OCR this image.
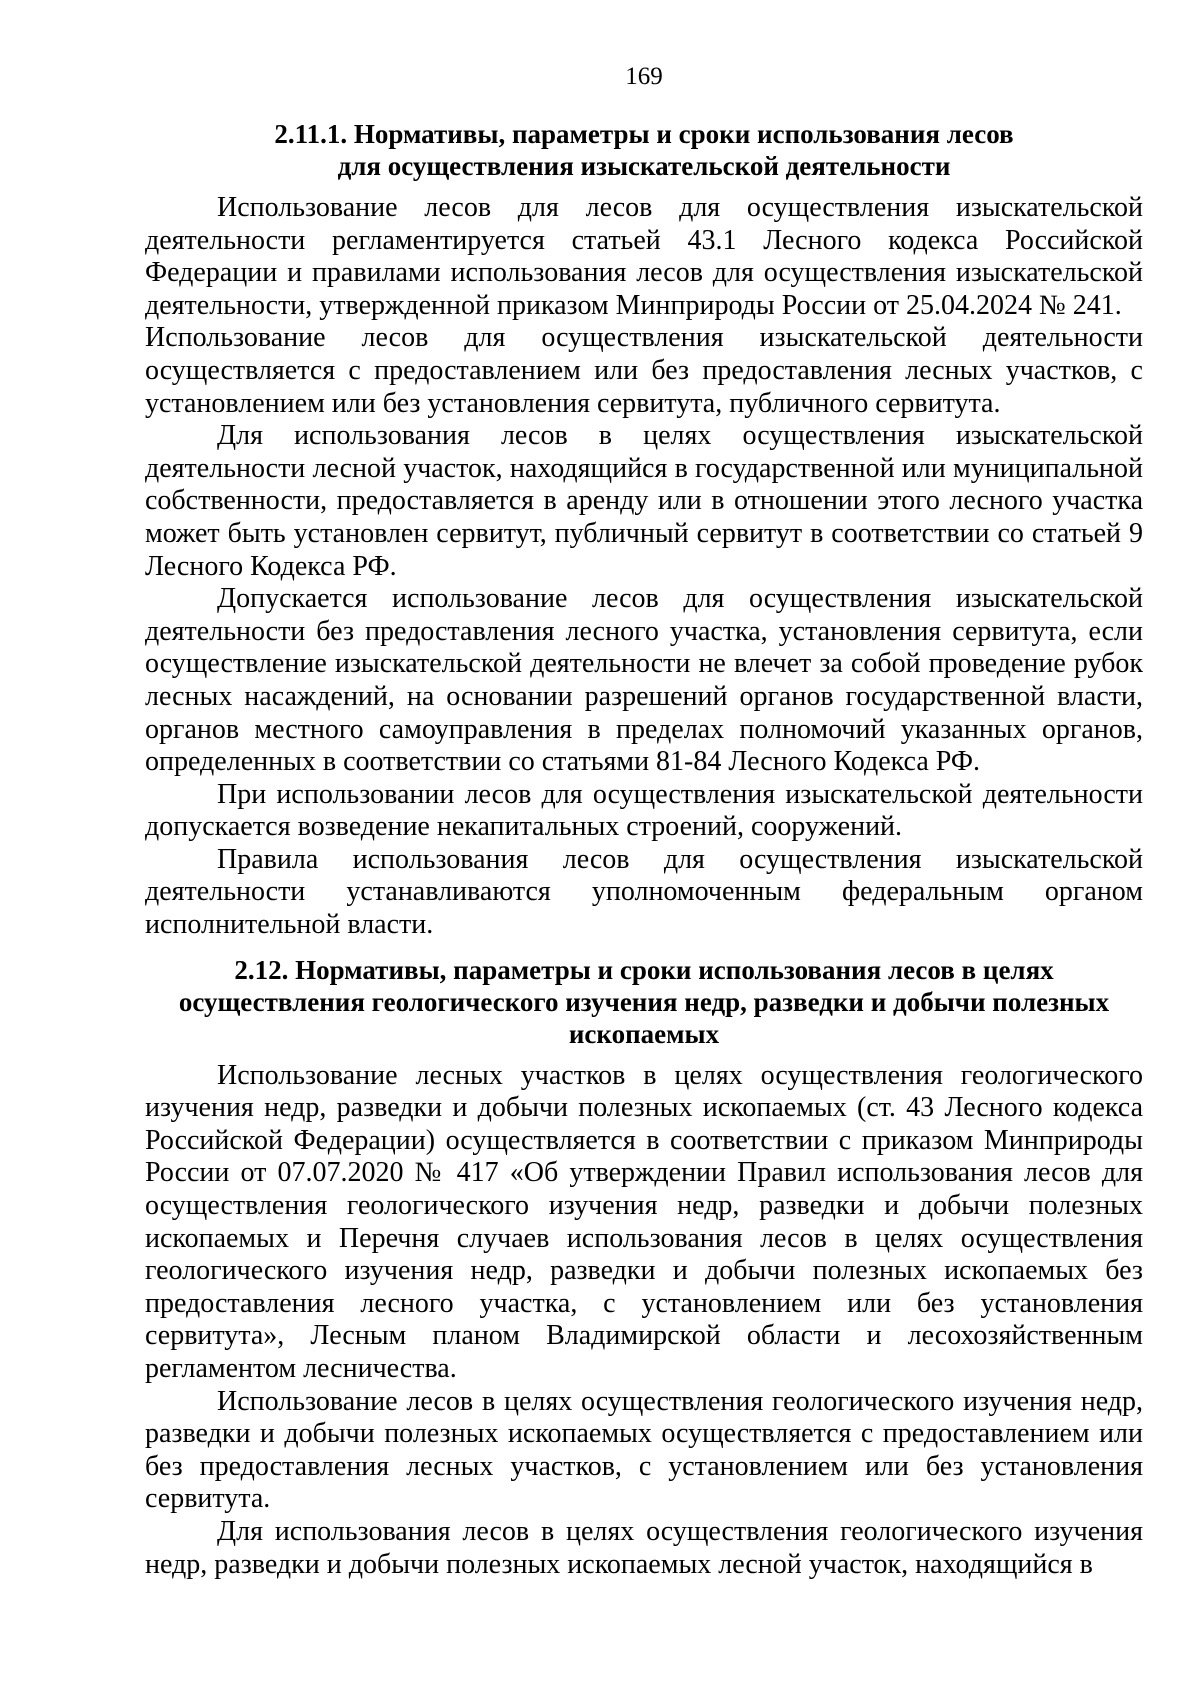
169
2.11.1. Нормативы, параметры и сроки использования лесов
для осуществления изыскательской деятельности

Использование лесов для лесов для осуществления изыскательской деятельности регламентируется статьей 43.1 Лесного кодекса Российской Федерации и правилами использования лесов для осуществления изыскательской деятельности, утвержденной приказом Минприроды России от 25.04.2024 № 241.

Использование лесов для осуществления изыскательской деятельности осуществляется с предоставлением или без предоставления лесных участков, с установлением или без установления сервитута, публичного сервитута.

Для использования лесов в целях осуществления изыскательской деятельности лесной участок, находящийся в государственной или муниципальной собственности, предоставляется в аренду или в отношении этого лесного участка может быть установлен сервитут, публичный сервитут в соответствии со статьей 9 Лесного Кодекса РФ.

Допускается использование лесов для осуществления изыскательской деятельности без предоставления лесного участка, установления сервитута, если осуществление изыскательской деятельности не влечет за собой проведение рубок лесных насаждений, на основании разрешений органов государственной власти, органов местного самоуправления в пределах полномочий указанных органов, определенных в соответствии со статьями 81-84 Лесного Кодекса РФ.

При использовании лесов для осуществления изыскательской деятельности допускается возведение некапитальных строений, сооружений.

Правила использования лесов для осуществления изыскательской деятельности устанавливаются уполномоченным федеральным органом исполнительной власти.

2.12. Нормативы, параметры и сроки использования лесов в целях
осуществления геологического изучения недр, разведки и добычи полезных
ископаемых

Использование лесных участков в целях осуществления геологического изучения недр, разведки и добычи полезных ископаемых (ст. 43 Лесного кодекса Российской Федерации) осуществляется в соответствии с приказом Минприроды России от 07.07.2020 № 417 «Об утверждении Правил использования лесов для осуществления геологического изучения недр, разведки и добычи полезных ископаемых и Перечня случаев использования лесов в целях осуществления геологического изучения недр, разведки и добычи полезных ископаемых без предоставления лесного участка, с установлением или без установления сервитута», Лесным планом Владимирской области и лесохозяйственным регламентом лесничества.

Использование лесов в целях осуществления геологического изучения недр, разведки и добычи полезных ископаемых осуществляется с предоставлением или без предоставления лесных участков, с установлением или без установления сервитута.

Для использования лесов в целях осуществления геологического изучения недр, разведки и добычи полезных ископаемых лесной участок, находящийся в
